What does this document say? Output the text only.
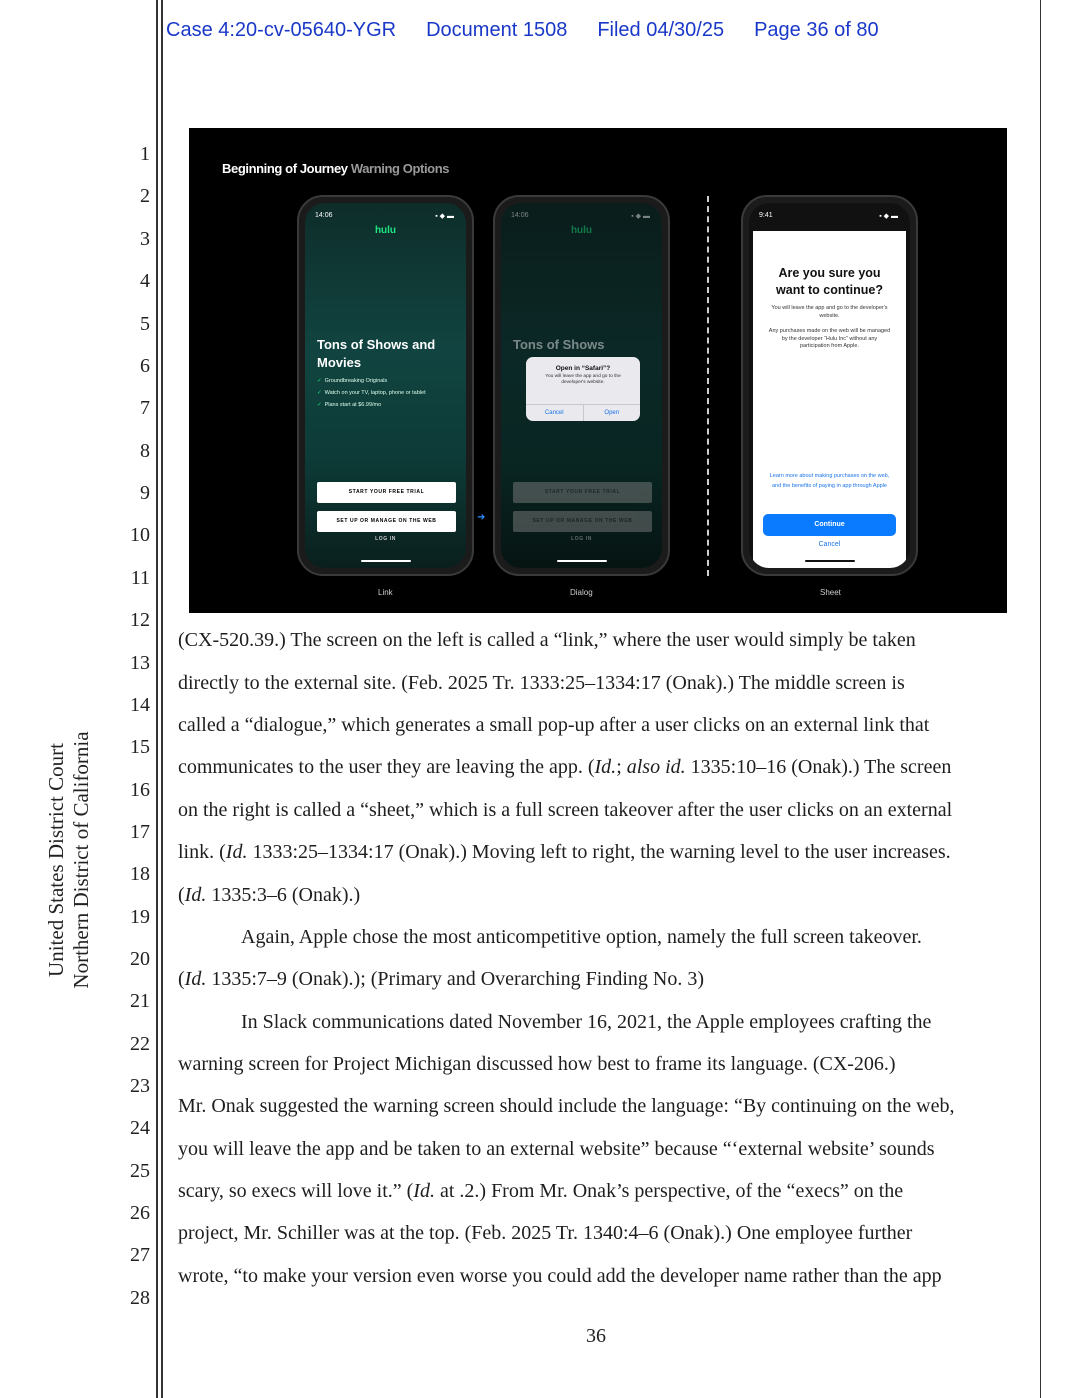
Case 4:20-cv-05640-YGR Document 1508 Filed 04/30/25 Page 36 of 80
United States District Court Northern District of California
1
2
3
4
5
6
7
8
9
10
11
12
13
14
15
16
17
18
19
20
21
22
23
24
25
26
27
28
Beginning of Journey Warning Options
14:06	▪ ◆ ▬
hulu
Tons of Shows and Movies
✓ Groundbreaking Originals
✓ Watch on your TV, laptop, phone or tablet
✓ Plans start at $6.99/mo
START YOUR FREE TRIAL
SET UP OR MANAGE ON THE WEB
LOG IN
➜
14:06	▪ ◆ ▬
hulu
Tons of Shows
START YOUR FREE TRIAL
SET UP OR MANAGE ON THE WEB
LOG IN
Open in “Safari”?
You will leave the app and go to the developer's website.
Cancel	Open
9:41	▪ ◆ ▬
Are you sure you want to continue?
You will leave the app and go to the developer's website.
Any purchases made on the web will be managed by the developer “Hulu Inc” without any participation from Apple.
Learn more about making purchases on the web, and the benefits of paying in app through Apple
Continue
Cancel
Link	Dialog	Sheet
(CX-520.39.) The screen on the left is called a “link,” where the user would simply be taken
directly to the external site. (Feb. 2025 Tr. 1333:25–1334:17 (Onak).) The middle screen is
called a “dialogue,” which generates a small pop-up after a user clicks on an external link that
communicates to the user they are leaving the app. (Id.; also id. 1335:10–16 (Onak).) The screen
on the right is called a “sheet,” which is a full screen takeover after the user clicks on an external
link. (Id. 1333:25–1334:17 (Onak).) Moving left to right, the warning level to the user increases.
(Id. 1335:3–6 (Onak).)
Again, Apple chose the most anticompetitive option, namely the full screen takeover.
(Id. 1335:7–9 (Onak).); (Primary and Overarching Finding No. 3)
In Slack communications dated November 16, 2021, the Apple employees crafting the
warning screen for Project Michigan discussed how best to frame its language. (CX-206.)
Mr. Onak suggested the warning screen should include the language: “By continuing on the web,
you will leave the app and be taken to an external website” because “‘external website’ sounds
scary, so execs will love it.” (Id. at .2.) From Mr. Onak’s perspective, of the “execs” on the
project, Mr. Schiller was at the top. (Feb. 2025 Tr. 1340:4–6 (Onak).) One employee further
wrote, “to make your version even worse you could add the developer name rather than the app
36
